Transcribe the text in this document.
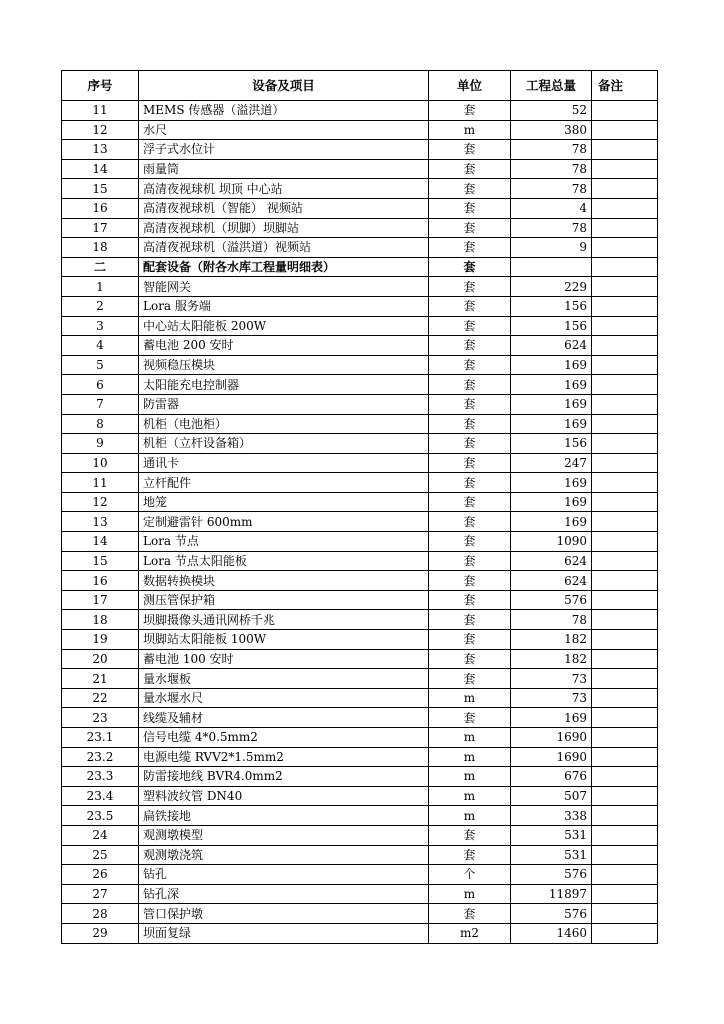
序号	设备及项目	单位	工程总量	备注
11	MEMS 传感器（溢洪道）	套	52	
12	水尺	m	380	
13	浮子式水位计	套	78	
14	雨量筒	套	78	
15	高清夜视球机 坝顶 中心站	套	78	
16	高清夜视球机（智能） 视频站	套	4	
17	高清夜视球机（坝脚）坝脚站	套	78	
18	高清夜视球机（溢洪道）视频站	套	9	
二	配套设备（附各水库工程量明细表）	套		
1	智能网关	套	229	
2	Lora 服务端	套	156	
3	中心站太阳能板 200W	套	156	
4	蓄电池 200 安时	套	624	
5	视频稳压模块	套	169	
6	太阳能充电控制器	套	169	
7	防雷器	套	169	
8	机柜（电池柜）	套	169	
9	机柜（立杆设备箱）	套	156	
10	通讯卡	套	247	
11	立杆配件	套	169	
12	地笼	套	169	
13	定制避雷针 600mm	套	169	
14	Lora 节点	套	1090	
15	Lora 节点太阳能板	套	624	
16	数据转换模块	套	624	
17	测压管保护箱	套	576	
18	坝脚摄像头通讯网桥千兆	套	78	
19	坝脚站太阳能板 100W	套	182	
20	蓄电池 100 安时	套	182	
21	量水堰板	套	73	
22	量水堰水尺	m	73	
23	线缆及辅材	套	169	
23.1	信号电缆 4*0.5mm2	m	1690	
23.2	电源电缆 RVV2*1.5mm2	m	1690	
23.3	防雷接地线 BVR4.0mm2	m	676	
23.4	塑料波纹管 DN40	m	507	
23.5	扁铁接地	m	338	
24	观测墩模型	套	531	
25	观测墩浇筑	套	531	
26	钻孔	个	576	
27	钻孔深	m	11897	
28	管口保护墩	套	576	
29	坝面复绿	m2	1460	
